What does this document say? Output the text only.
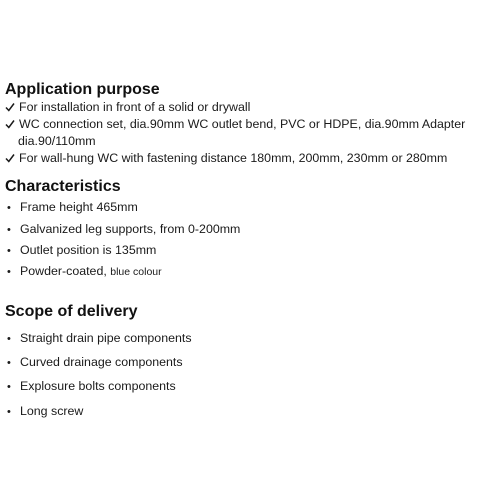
Application purpose
For installation in front of a solid or drywall
WC connection set, dia.90mm WC outlet bend, PVC or HDPE, dia.90mm Adapter
dia.90/110mm
For wall-hung WC with fastening distance 180mm, 200mm, 230mm or 280mm
Characteristics
• Frame height 465mm
• Galvanized leg supports, from 0-200mm
• Outlet position is 135mm
• Powder-coated, blue colour
Scope of delivery
• Straight drain pipe components
• Curved drainage components
• Explosure bolts components
• Long screw
